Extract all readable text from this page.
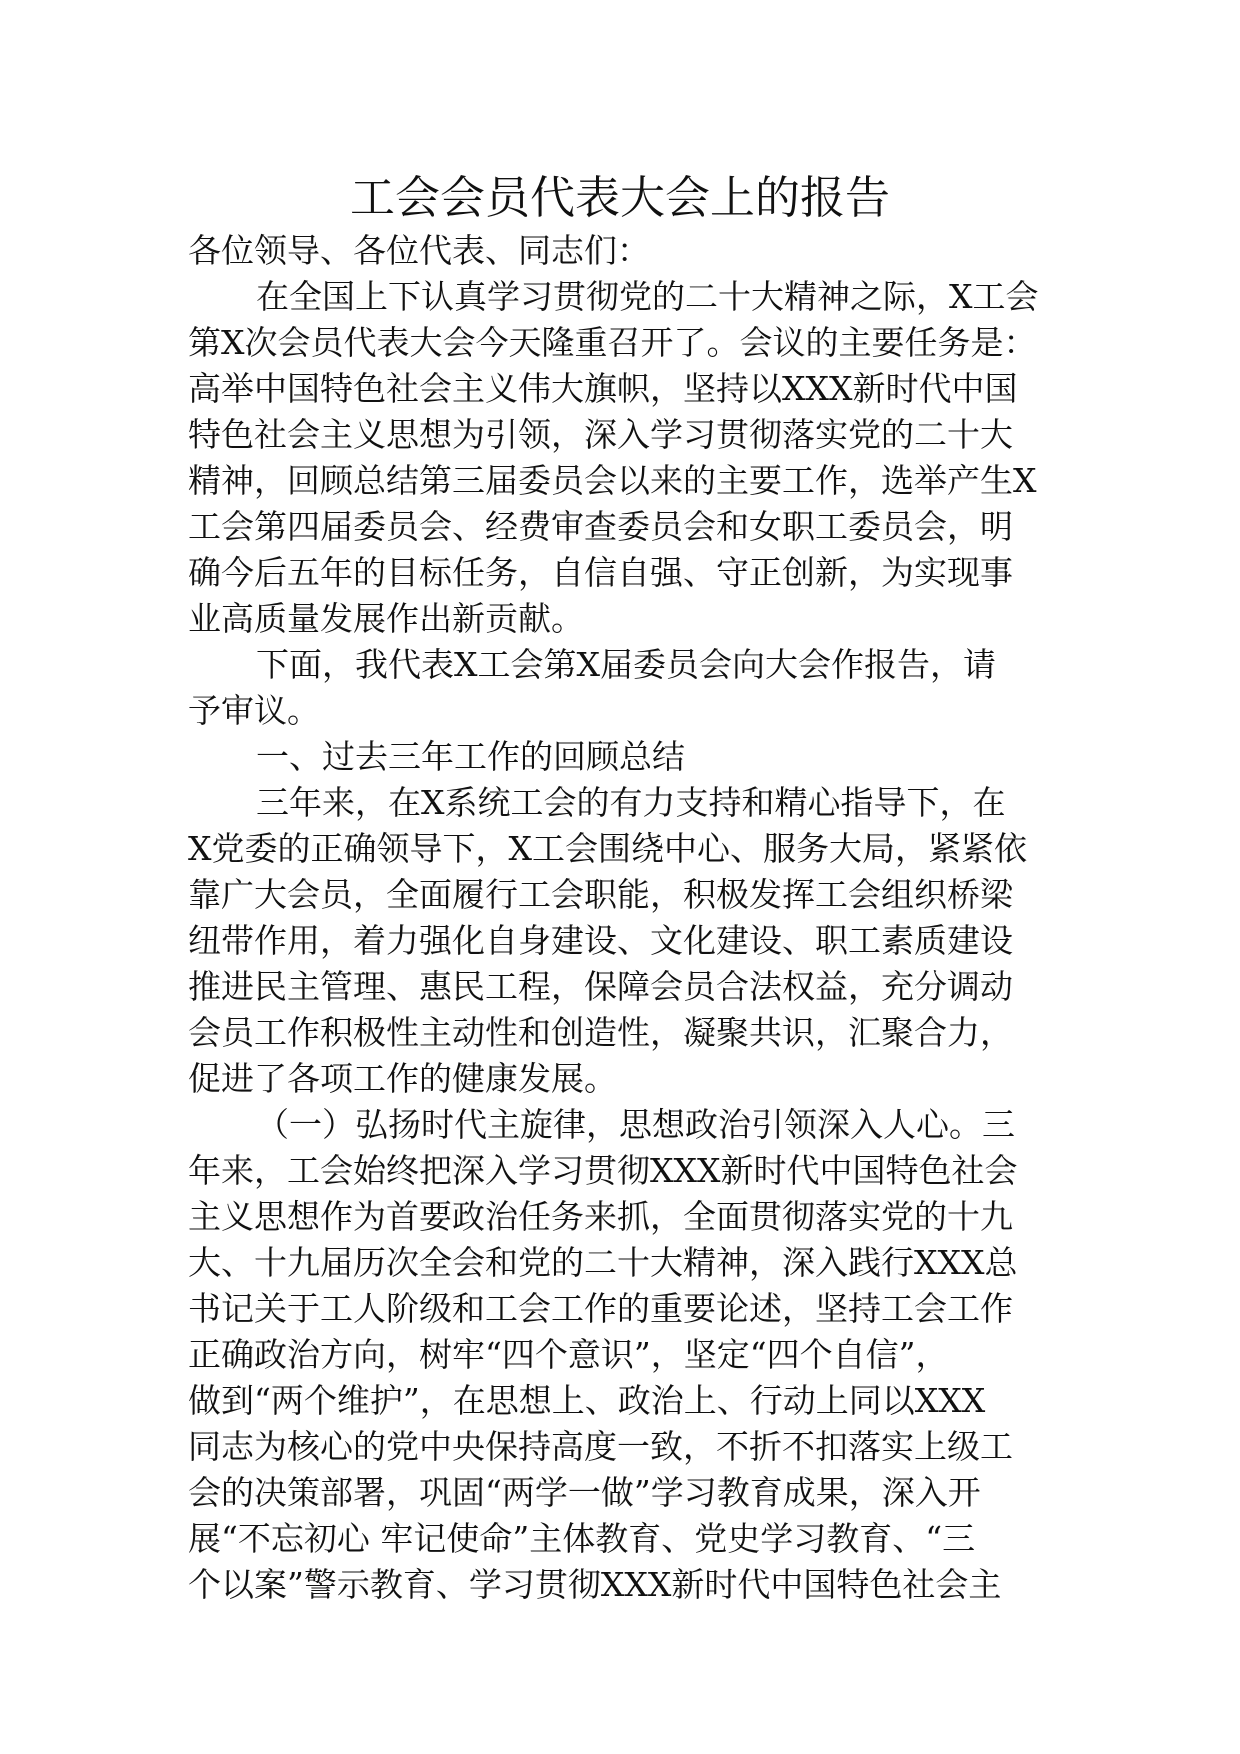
工会会员代表大会上的报告
各位领导、各位代表、同志们：
在全国上下认真学习贯彻党的二十大精神之际，X工会
第X次会员代表大会今天隆重召开了。会议的主要任务是：
高举中国特色社会主义伟大旗帜，坚持以XXX新时代中国
特色社会主义思想为引领，深入学习贯彻落实党的二十大
精神，回顾总结第三届委员会以来的主要工作，选举产生X
工会第四届委员会、经费审查委员会和女职工委员会，明
确今后五年的目标任务，自信自强、守正创新，为实现事
业高质量发展作出新贡献。
下面，我代表X工会第X届委员会向大会作报告，请
予审议。
一、过去三年工作的回顾总结
三年来，在X系统工会的有力支持和精心指导下，在
X党委的正确领导下，X工会围绕中心、服务大局，紧紧依
靠广大会员，全面履行工会职能，积极发挥工会组织桥梁
纽带作用，着力强化自身建设、文化建设、职工素质建设
推进民主管理、惠民工程，保障会员合法权益，充分调动
会员工作积极性主动性和创造性，凝聚共识，汇聚合力，
促进了各项工作的健康发展。
（一）弘扬时代主旋律，思想政治引领深入人心。三
年来，工会始终把深入学习贯彻XXX新时代中国特色社会
主义思想作为首要政治任务来抓，全面贯彻落实党的十九
大、十九届历次全会和党的二十大精神，深入践行XXX总
书记关于工人阶级和工会工作的重要论述，坚持工会工作
正确政治方向，树牢“四个意识”，坚定“四个自信”，
做到“两个维护”，在思想上、政治上、行动上同以XXX
同志为核心的党中央保持高度一致，不折不扣落实上级工
会的决策部署，巩固“两学一做”学习教育成果，深入开
展“不忘初心 牢记使命”主体教育、党史学习教育、“三
个以案”警示教育、学习贯彻XXX新时代中国特色社会主
